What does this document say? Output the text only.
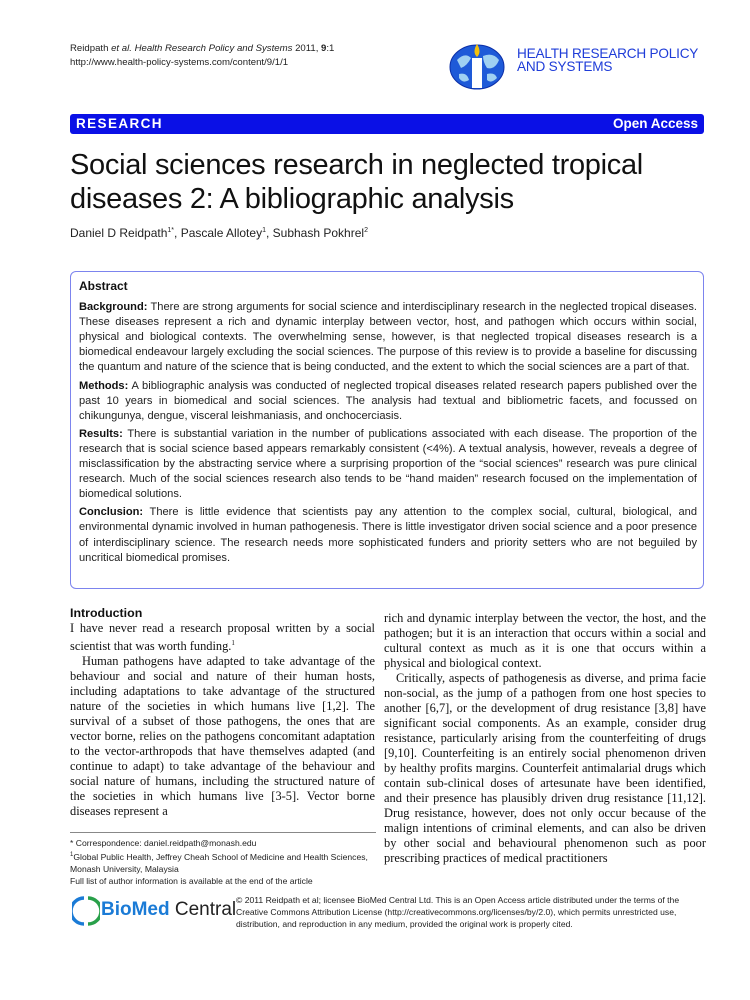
Reidpath et al. Health Research Policy and Systems 2011, 9:1
http://www.health-policy-systems.com/content/9/1/1
HEALTH RESEARCH POLICY
AND SYSTEMS
RESEARCH	Open Access
Social sciences research in neglected tropical diseases 2: A bibliographic analysis
Daniel D Reidpath$^{1*}$, Pascale Allotey$^1$, Subhash Pokhrel$^2$
Abstract

Background: There are strong arguments for social science and interdisciplinary research in the neglected tropical diseases. These diseases represent a rich and dynamic interplay between vector, host, and pathogen which occurs within social, physical and biological contexts. The overwhelming sense, however, is that neglected tropical diseases research is a biomedical endeavour largely excluding the social sciences. The purpose of this review is to provide a baseline for discussing the quantum and nature of the science that is being conducted, and the extent to which the social sciences are a part of that.

Methods: A bibliographic analysis was conducted of neglected tropical diseases related research papers published over the past 10 years in biomedical and social sciences. The analysis had textual and bibliometric facets, and focussed on chikungunya, dengue, visceral leishmaniasis, and onchocerciasis.

Results: There is substantial variation in the number of publications associated with each disease. The proportion of the research that is social science based appears remarkably consistent (<4%). A textual analysis, however, reveals a degree of misclassification by the abstracting service where a surprising proportion of the “social sciences” research was pure clinical research. Much of the social sciences research also tends to be “hand maiden” research focused on the implementation of biomedical solutions.

Conclusion: There is little evidence that scientists pay any attention to the complex social, cultural, biological, and environmental dynamic involved in human pathogenesis. There is little investigator driven social science and a poor presence of interdisciplinary science. The research needs more sophisticated funders and priority setters who are not beguiled by uncritical biomedical promises.

Introduction

I have never read a research proposal written by a social scientist that was worth funding.$^1$

Human pathogens have adapted to take advantage of the behaviour and social and nature of their human hosts, including adaptations to take advantage of the structured nature of the societies in which humans live [1,2]. The survival of a subset of those pathogens, the ones that are vector borne, relies on the pathogens concomitant adaptation to the vector-arthropods that have themselves adapted (and continue to adapt) to take advantage of the behaviour and social nature of humans, including the structured nature of the societies in which humans live [3-5]. Vector borne diseases represent a

rich and dynamic interplay between the vector, the host, and the pathogen; but it is an interaction that occurs within a social and cultural context as much as it is one that occurs within a physical and biological context.

Critically, aspects of pathogenesis as diverse, and prima facie non-social, as the jump of a pathogen from one host species to another [6,7], or the development of drug resistance [3,8] have significant social components. As an example, consider drug resistance, particularly arising from the counterfeiting of drugs [9,10]. Counterfeiting is an entirely social phenomenon driven by healthy profits margins. Counterfeit antimalarial drugs which contain sub-clinical doses of artesunate have been identified, and their presence has plausibly driven drug resistance [11,12]. Drug resistance, however, does not only occur because of the malign intentions of criminal elements, and can also be driven by other social and behavioural phenomenon such as poor prescribing practices of medical practitioners

* Correspondence: daniel.reidpath@monash.edu
$^1$Global Public Health, Jeffrey Cheah School of Medicine and Health Sciences, Monash University, Malaysia
Full list of author information is available at the end of the article
BioMed Central © 2011 Reidpath et al; licensee BioMed Central Ltd. This is an Open Access article distributed under the terms of the Creative Commons Attribution License (http://creativecommons.org/licenses/by/2.0), which permits unrestricted use, distribution, and reproduction in any medium, provided the original work is properly cited.
